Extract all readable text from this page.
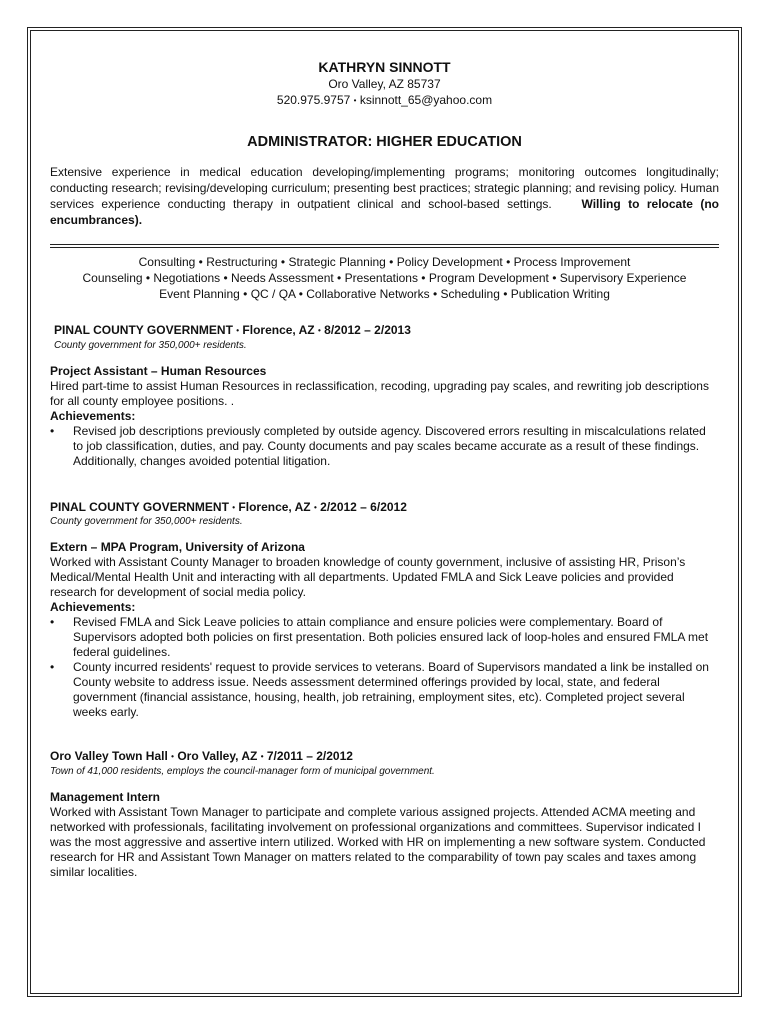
KATHRYN SINNOTT
Oro Valley, AZ 85737
520.975.9757 • ksinnott_65@yahoo.com
ADMINISTRATOR: HIGHER EDUCATION
Extensive experience in medical education developing/implementing programs; monitoring outcomes longitudinally; conducting research; revising/developing curriculum; presenting best practices; strategic planning; and revising policy. Human services experience conducting therapy in outpatient clinical and school-based settings. Willing to relocate (no encumbrances).
Consulting • Restructuring • Strategic Planning • Policy Development • Process Improvement
Counseling • Negotiations • Needs Assessment • Presentations • Program Development • Supervisory Experience
Event Planning • QC / QA • Collaborative Networks • Scheduling • Publication Writing
PINAL COUNTY GOVERNMENT • Florence, AZ • 8/2012 – 2/2013
County government for 350,000+ residents.
Project Assistant – Human Resources
Hired part-time to assist Human Resources in reclassification, recoding, upgrading pay scales, and rewriting job descriptions for all county employee positions. .
Achievements:
• Revised job descriptions previously completed by outside agency. Discovered errors resulting in miscalculations related to job classification, duties, and pay. County documents and pay scales became accurate as a result of these findings. Additionally, changes avoided potential litigation.
PINAL COUNTY GOVERNMENT • Florence, AZ • 2/2012 – 6/2012
County government for 350,000+ residents.
Extern – MPA Program, University of Arizona
Worked with Assistant County Manager to broaden knowledge of county government, inclusive of assisting HR, Prison’s Medical/Mental Health Unit and interacting with all departments. Updated FMLA and Sick Leave policies and provided research for development of social media policy.
Achievements:
• Revised FMLA and Sick Leave policies to attain compliance and ensure policies were complementary. Board of Supervisors adopted both policies on first presentation. Both policies ensured lack of loop-holes and ensured FMLA met federal guidelines.
• County incurred residents' request to provide services to veterans. Board of Supervisors mandated a link be installed on County website to address issue. Needs assessment determined offerings provided by local, state, and federal government (financial assistance, housing, health, job retraining, employment sites, etc). Completed project several weeks early.
Oro Valley Town Hall • Oro Valley, AZ • 7/2011 – 2/2012
Town of 41,000 residents, employs the council-manager form of municipal government.
Management Intern
Worked with Assistant Town Manager to participate and complete various assigned projects. Attended ACMA meeting and networked with professionals, facilitating involvement on professional organizations and committees. Supervisor indicated I was the most aggressive and assertive intern utilized. Worked with HR on implementing a new software system. Conducted research for HR and Assistant Town Manager on matters related to the comparability of town pay scales and taxes among similar localities.
